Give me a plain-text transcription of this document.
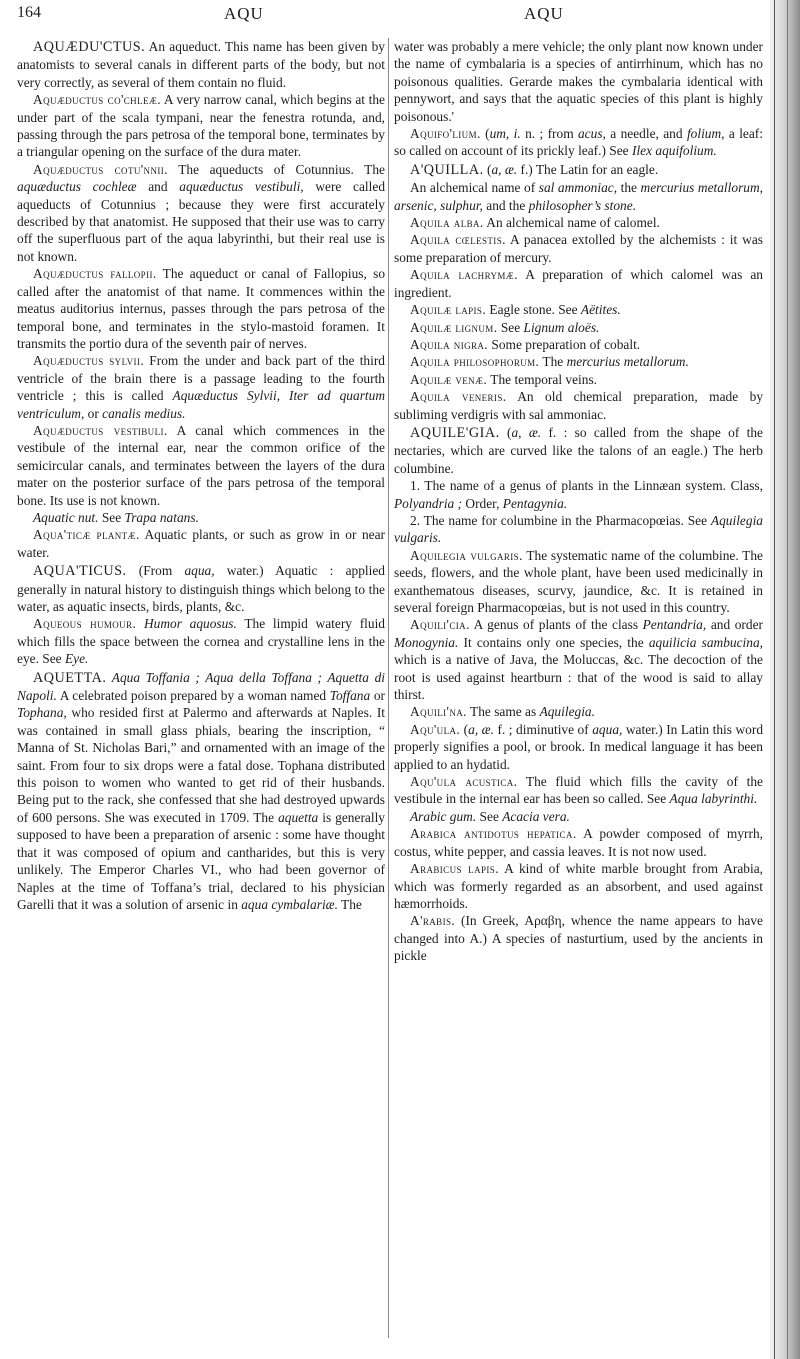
164	AQU	AQU

AQUÆDU'CTUS. An aqueduct. This name has been given by anatomists to several canals in different parts of the body, but not very correctly, as several of them contain no fluid.

Aquæductus co'chleæ. A very narrow canal, which begins at the under part of the scala tympani, near the fenestra rotunda, and, passing through the pars petrosa of the temporal bone, terminates by a triangular opening on the surface of the dura mater.

Aquæductus cotu'nnii. The aqueducts of Cotunnius. The aquæductus cochleæ and aquæductus vestibuli, were called aqueducts of Cotunnius ; because they were first accurately described by that anatomist. He supposed that their use was to carry off the superfluous part of the aqua labyrinthi, but their real use is not known.

Aquæductus fallopii. The aqueduct or canal of Fallopius, so called after the anatomist of that name. It commences within the meatus auditorius internus, passes through the pars petrosa of the temporal bone, and terminates in the stylo-mastoid foramen. It transmits the portio dura of the seventh pair of nerves.

Aquæductus sylvii. From the under and back part of the third ventricle of the brain there is a passage leading to the fourth ventricle ; this is called Aquæductus Sylvii, Iter ad quartum ventriculum, or canalis medius.

Aquæductus vestibuli. A canal which commences in the vestibule of the internal ear, near the common orifice of the semicircular canals, and terminates between the layers of the dura mater on the posterior surface of the pars petrosa of the temporal bone. Its use is not known.

Aquatic nut. See Trapa natans.

Aqua'ticæ plantæ. Aquatic plants, or such as grow in or near water.

AQUA'TICUS. (From aqua, water.) Aquatic : applied generally in natural history to distinguish things which belong to the water, as aquatic insects, birds, plants, &c.

Aqueous humour. Humor aquosus. The limpid watery fluid which fills the space between the cornea and crystalline lens in the eye. See Eye.

AQUETTA. Aqua Toffania ; Aqua della Toffana ; Aquetta di Napoli. A celebrated poison prepared by a woman named Toffana or Tophana, who resided first at Palermo and afterwards at Naples. It was contained in small glass phials, bearing the inscription, “ Manna of St. Nicholas Bari,” and ornamented with an image of the saint. From four to six drops were a fatal dose. Tophana distributed this poison to women who wanted to get rid of their husbands. Being put to the rack, she confessed that she had destroyed upwards of 600 persons. She was executed in 1709. The aquetta is generally supposed to have been a preparation of arsenic : some have thought that it was composed of opium and cantharides, but this is very unlikely. The Emperor Charles VI., who had been governor of Naples at the time of Toffana’s trial, declared to his physician Garelli that it was a solution of arsenic in aqua cymbalariæ. The

water was probably a mere vehicle; the only plant now known under the name of cymbalaria is a species of antirrhinum, which has no poisonous qualities. Gerarde makes the cymbalaria identical with pennywort, and says that the aquatic species of this plant is highly poisonous.'

Aquifo'lium. (um, i. n. ; from acus, a needle, and folium, a leaf: so called on account of its prickly leaf.) See Ilex aquifolium.

A'QUILLA. (a, æ. f.) The Latin for an eagle.

An alchemical name of sal ammoniac, the mercurius metallorum, arsenic, sulphur, and the philosopher’s stone.

Aquila alba. An alchemical name of calomel.

Aquila cœlestis. A panacea extolled by the alchemists : it was some preparation of mercury.

Aquila lachrymæ. A preparation of which calomel was an ingredient.

Aquilæ lapis. Eagle stone. See Aëtites.

Aquilæ lignum. See Lignum aloës.

Aquila nigra. Some preparation of cobalt.

Aquila philosophorum. The mercurius metallorum.

Aquilæ venæ. The temporal veins.

Aquila veneris. An old chemical preparation, made by subliming verdigris with sal ammoniac.

AQUILE'GIA. (a, æ. f. : so called from the shape of the nectaries, which are curved like the talons of an eagle.) The herb columbine.

1. The name of a genus of plants in the Linnæan system. Class, Polyandria ; Order, Pentagynia.

2. The name for columbine in the Pharmacopœias. See Aquilegia vulgaris.

Aquilegia vulgaris. The systematic name of the columbine. The seeds, flowers, and the whole plant, have been used medicinally in exanthematous diseases, scurvy, jaundice, &c. It is retained in several foreign Pharmacopœias, but is not used in this country.

Aquili'cia. A genus of plants of the class Pentandria, and order Monogynia. It contains only one species, the aquilicia sambucina, which is a native of Java, the Moluccas, &c. The decoction of the root is used against heartburn : that of the wood is said to allay thirst.

Aquili'na. The same as Aquilegia.

Aqu'ula. (a, æ. f. ; diminutive of aqua, water.) In Latin this word properly signifies a pool, or brook. In medical language it has been applied to an hydatid.

Aqu'ula acustica. The fluid which fills the cavity of the vestibule in the internal ear has been so called. See Aqua labyrinthi.

Arabic gum. See Acacia vera.

Arabica antidotus hepatica. A powder composed of myrrh, costus, white pepper, and cassia leaves. It is not now used.

Arabicus lapis. A kind of white marble brought from Arabia, which was formerly regarded as an absorbent, and used against hæmorrhoids.

A'rabis. (In Greek, Αραβη, whence the name appears to have changed into A.) A species of nasturtium, used by the ancients in pickle
